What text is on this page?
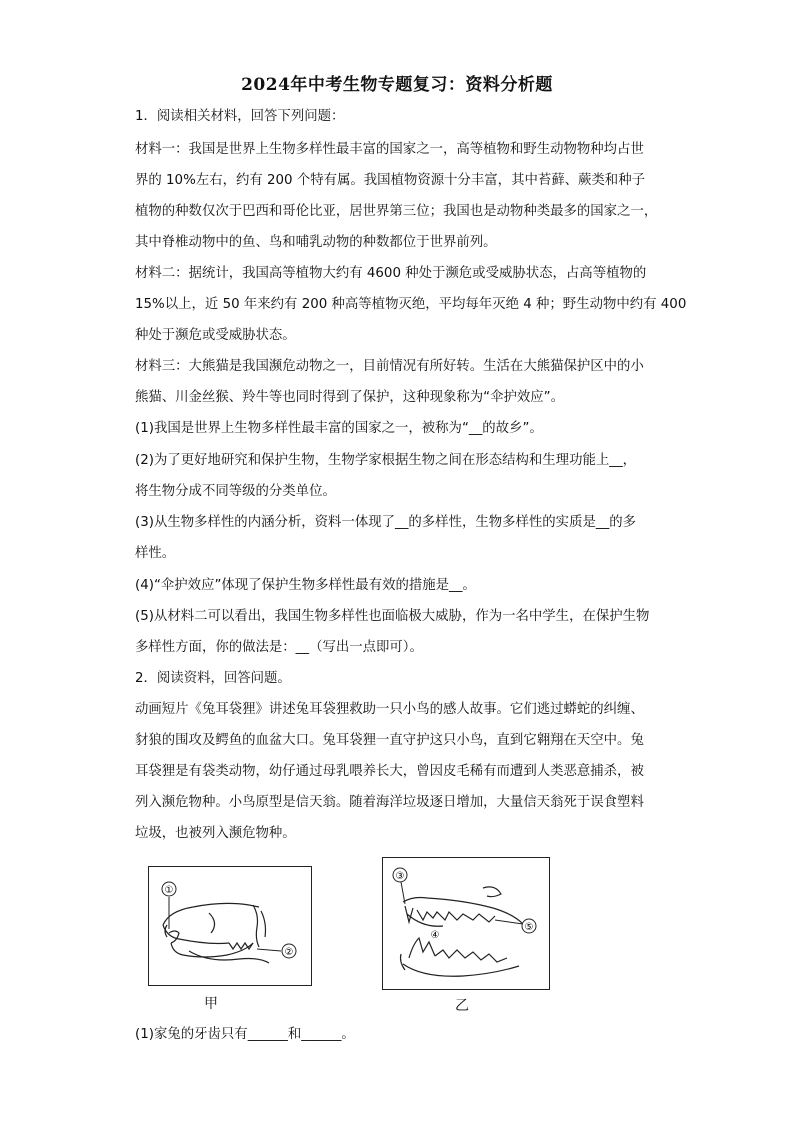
2024年中考生物专题复习：资料分析题
1．阅读相关材料，回答下列问题：
材料一：我国是世界上生物多样性最丰富的国家之一，高等植物和野生动物物种均占世
界的 10%左右，约有 200 个特有属。我国植物资源十分丰富，其中苔藓、蕨类和种子
植物的种数仅次于巴西和哥伦比亚，居世界第三位；我国也是动物种类最多的国家之一，
其中脊椎动物中的鱼、鸟和哺乳动物的种数都位于世界前列。
材料二：据统计，我国高等植物大约有 4600 种处于濒危或受威胁状态，占高等植物的
15%以上，近 50 年来约有 200 种高等植物灭绝，平均每年灭绝 4 种；野生动物中约有 400
种处于濒危或受威胁状态。
材料三：大熊猫是我国濒危动物之一，目前情况有所好转。生活在大熊猫保护区中的小
熊猫、川金丝猴、羚牛等也同时得到了保护，这种现象称为“伞护效应”。
(1)我国是世界上生物多样性最丰富的国家之一，被称为“__的故乡”。
(2)为了更好地研究和保护生物，生物学家根据生物之间在形态结构和生理功能上__，
将生物分成不同等级的分类单位。
(3)从生物多样性的内涵分析，资料一体现了__的多样性，生物多样性的实质是__的多
样性。
(4)“伞护效应”体现了保护生物多样性最有效的措施是__。
(5)从材料二可以看出，我国生物多样性也面临极大威胁，作为一名中学生，在保护生物
多样性方面，你的做法是：__（写出一点即可）。
2．阅读资料，回答问题。
动画短片《兔耳袋狸》讲述兔耳袋狸救助一只小鸟的感人故事。它们逃过蟒蛇的纠缠、
豺狼的围攻及鳄鱼的血盆大口。兔耳袋狸一直守护这只小鸟，直到它翱翔在天空中。兔
耳袋狸是有袋类动物，幼仔通过母乳喂养长大，曾因皮毛稀有而遭到人类恶意捕杀，被
列入濒危物种。小鸟原型是信天翁。随着海洋垃圾逐日增加，大量信天翁死于误食塑料
垃圾，也被列入濒危物种。
①
②
甲
③
④
⑤
乙
(1)家兔的牙齿只有______和______。
